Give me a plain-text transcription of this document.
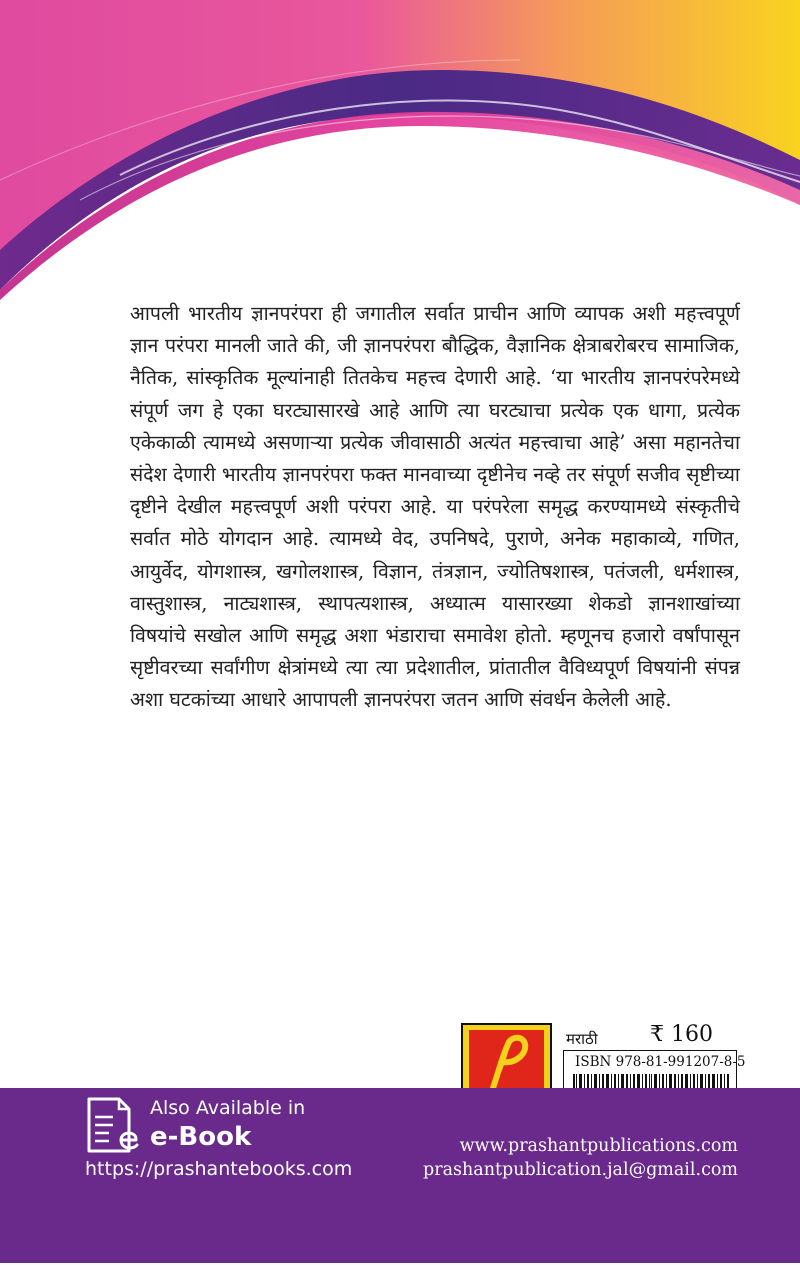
आपली भारतीय ज्ञानपरंपरा ही जगातील सर्वात प्राचीन आणि व्यापक अशी महत्त्वपूर्ण ज्ञान परंपरा मानली जाते की, जी ज्ञानपरंपरा बौद्धिक, वैज्ञानिक क्षेत्राबरोबरच सामाजिक, नैतिक, सांस्कृतिक मूल्यांनाही तितकेच महत्त्व देणारी आहे. ‘या भारतीय ज्ञानपरंपरेमध्ये संपूर्ण जग हे एका घरट्यासारखे आहे आणि त्या घरट्याचा प्रत्येक एक धागा, प्रत्येक एकेकाळी त्यामध्ये असणाऱ्या प्रत्येक जीवासाठी अत्यंत महत्त्वाचा आहे’ असा महानतेचा संदेश देणारी भारतीय ज्ञानपरंपरा फक्त मानवाच्या दृष्टीनेच नव्हे तर संपूर्ण सजीव सृष्टीच्या दृष्टीने देखील महत्त्वपूर्ण अशी परंपरा आहे. या परंपरेला समृद्ध करण्यामध्ये संस्कृतीचे सर्वात मोठे योगदान आहे. त्यामध्ये वेद, उपनिषदे, पुराणे, अनेक महाकाव्ये, गणित, आयुर्वेद, योगशास्त्र, खगोलशास्त्र, विज्ञान, तंत्रज्ञान, ज्योतिषशास्त्र, पतंजली, धर्मशास्त्र, वास्तुशास्त्र, नाट्यशास्त्र, स्थापत्यशास्त्र, अध्यात्म यासारख्या शेकडो ज्ञानशाखांच्या विषयांचे सखोल आणि समृद्ध अशा भंडाराचा समावेश होतो. म्हणूनच हजारो वर्षांपासून सृष्टीवरच्या सर्वांगीण क्षेत्रांमध्ये त्या त्या प्रदेशातील, प्रांतातील वैविध्यपूर्ण विषयांनी संपन्न अशा घटकांच्या आधारे आपापली ज्ञानपरंपरा जतन आणि संवर्धन केलेली आहे.

मराठी ₹ 160
ISBN 978-81-991207-8-5
Also Available in
e-Book
https://prashantebooks.com
www.prashantpublications.com
prashantpublication.jal@gmail.com
